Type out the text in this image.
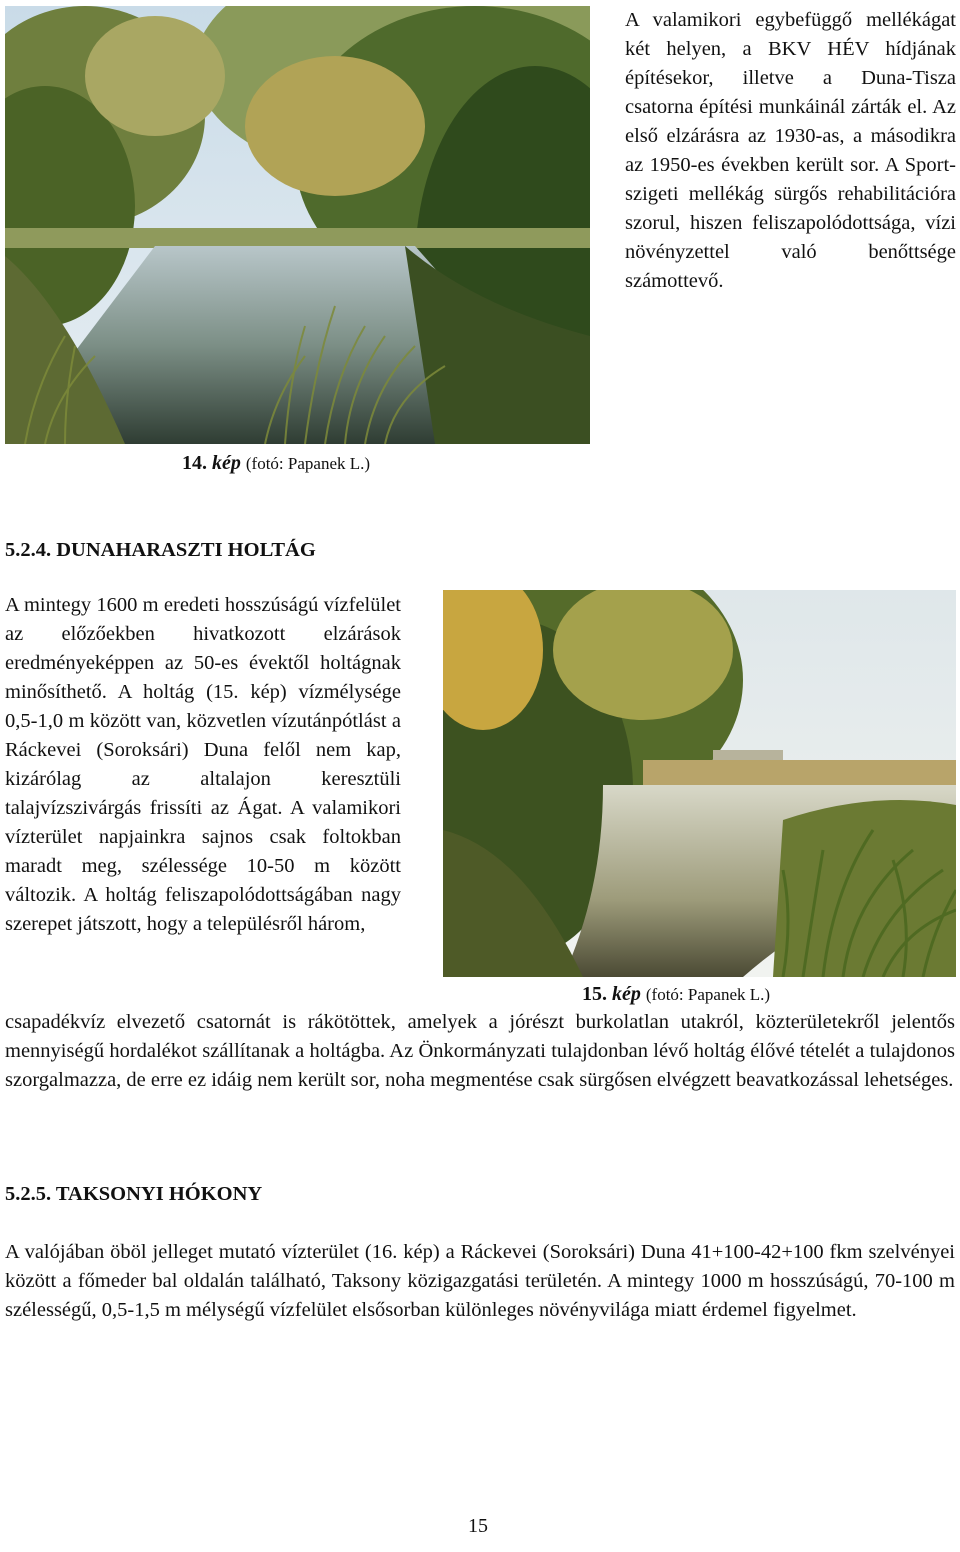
A valamikori egybefüggő mellékágat két helyen, a BKV HÉV hídjának építésekor, illetve a Duna-Tisza csatorna építési munkáinál zárták el. Az első elzárásra az 1930-as, a másodikra az 1950-es években került sor. A Sport-szigeti mellékág sürgős rehabilitációra szorul, hiszen feliszapolódottsága, vízi növényzettel való benőttsége számottevő.

14. kép (fotó: Papanek L.)
5.2.4. DUNAHARASZTI HOLTÁG

A mintegy 1600 m eredeti hosszúságú vízfelület az előzőekben hivatkozott elzárások eredményeképpen az 50-es évektől holtágnak minősíthető. A holtág (15. kép) vízmélysége 0,5-1,0 m között van, közvetlen vízutánpótlást a Ráckevei (Soroksári) Duna felől nem kap, kizárólag az altalajon keresztüli talajvízszivárgás frissíti az Ágat. A valamikori vízterület napjainkra sajnos csak foltokban maradt meg, szélessége 10-50 m között változik. A holtág feliszapolódottságában nagy szerepet játszott, hogy a településről három,

15. kép (fotó: Papanek L.)

csapadékvíz elvezető csatornát is rákötöttek, amelyek a jórészt burkolatlan utakról, közterületekről jelentős mennyiségű hordalékot szállítanak a holtágba. Az Önkormányzati tulajdonban lévő holtág élővé tételét a tulajdonos szorgalmazza, de erre ez idáig nem került sor, noha megmentése csak sürgősen elvégzett beavatkozással lehetséges.

5.2.5. TAKSONYI HÓKONY

A valójában öböl jelleget mutató vízterület (16. kép) a Ráckevei (Soroksári) Duna 41+100-42+100 fkm szelvényei között a főmeder bal oldalán található, Taksony közigazgatási területén. A mintegy 1000 m hosszúságú, 70-100 m szélességű, 0,5-1,5 m mélységű vízfelület elsősorban különleges növényvilága miatt érdemel figyelmet.

15
